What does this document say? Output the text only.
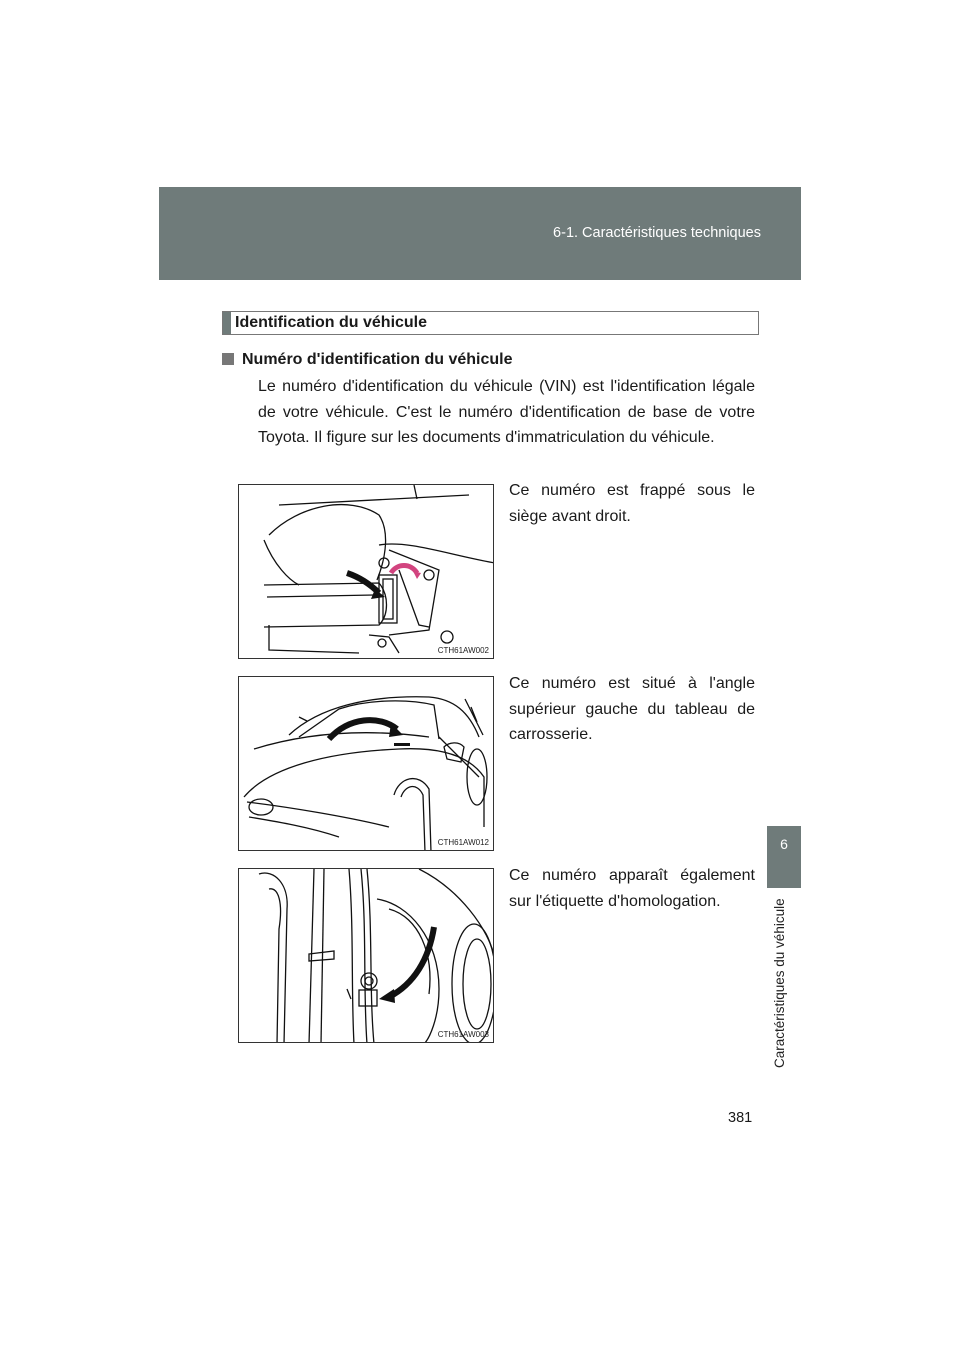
6-1. Caractéristiques techniques
6
Caractéristiques du véhicule
Identification du véhicule
Numéro d'identification du véhicule
Le numéro d'identification du véhicule (VIN) est l'identification légale de votre véhicule. C'est le numéro d'identification de base de votre Toyota. Il figure sur les documents d'immatriculation du véhicule.
CTH61AW002
Ce numéro est frappé sous le siège avant droit.
CTH61AW012
Ce numéro est situé à l'angle supérieur gauche du tableau de carrosserie.
CTH61AW003
Ce numéro apparaît également sur l'étiquette d'homologation.
381
